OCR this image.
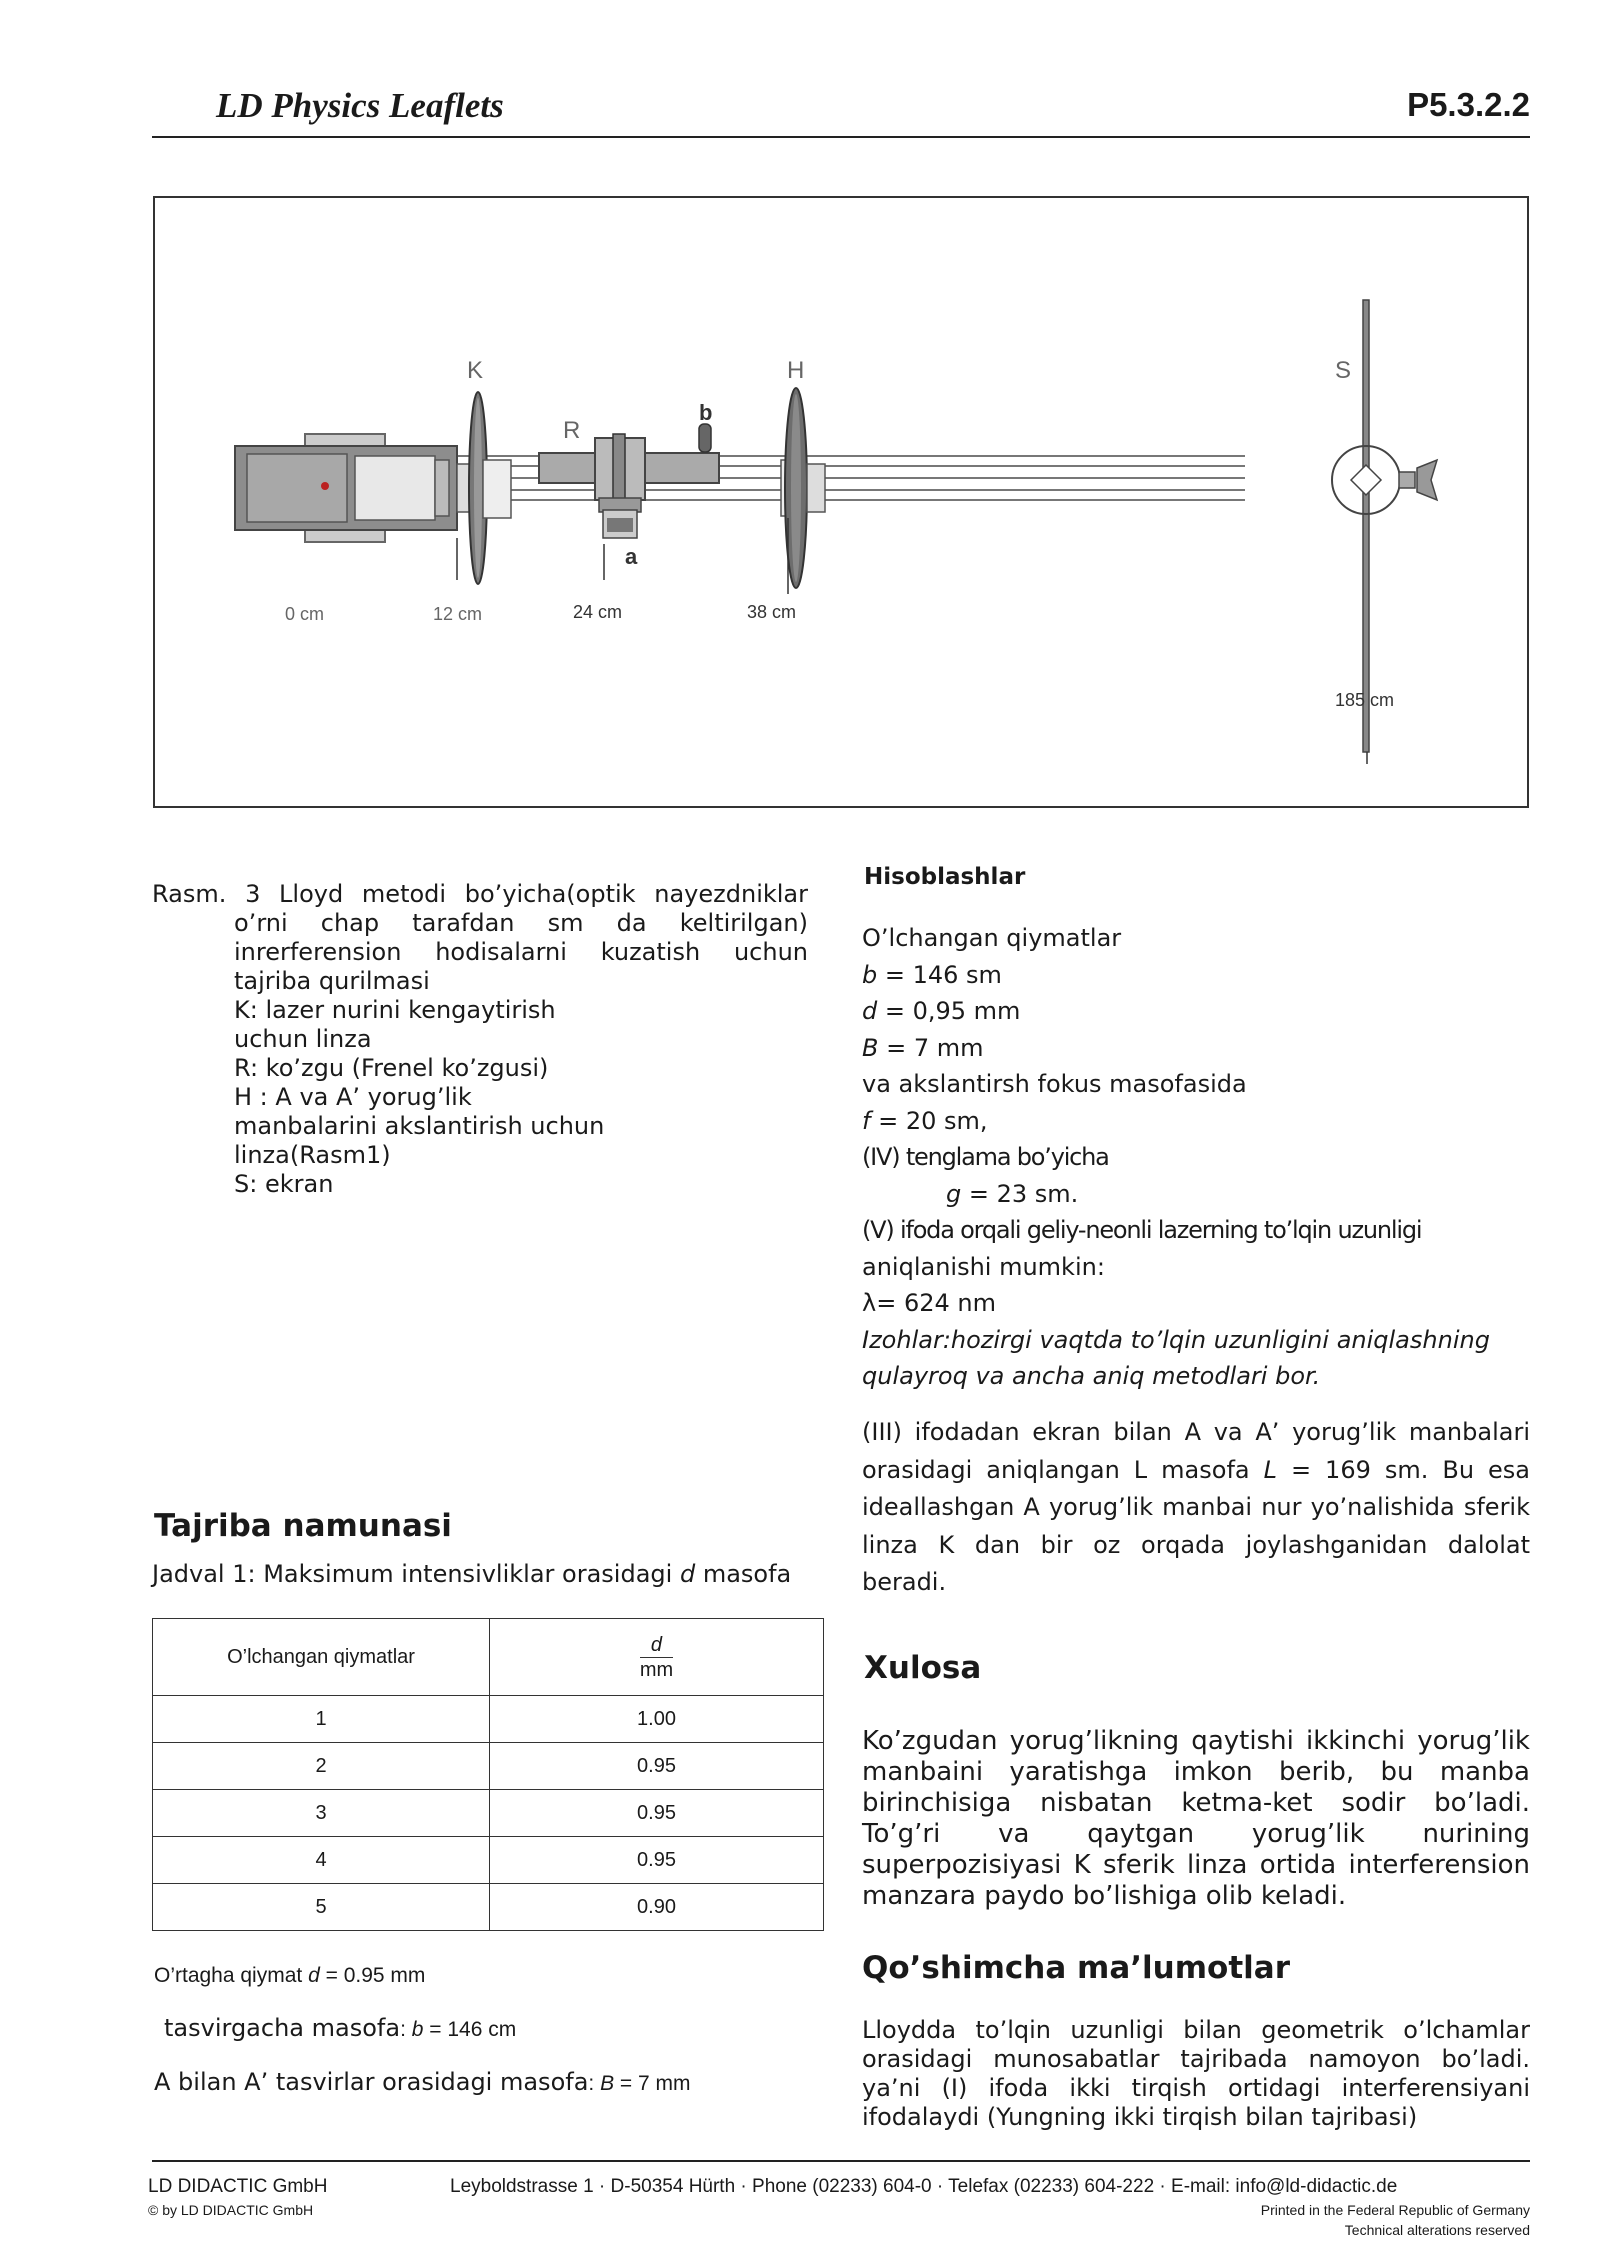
LD Physics Leaflets	P5.3.2.2
K
R
b
H	S
a
0 cm	12 cm	24 cm	38 cm
185 cm
Rasm. 3 Lloyd metodi bo’yicha(optik nayezdniklar
o’rni chap tarafdan sm da keltirilgan)
inrerferension hodisalarni kuzatish uchun
tajriba qurilmasi
K: lazer nurini kengaytirish
uchun linza
R: ko’zgu (Frenel ko’zgusi)
H : A va A’ yorug’lik
manbalarini akslantirish uchun
linza(Rasm1)
S: ekran
Tajriba namunasi
Jadval 1: Maksimum intensivliklar orasidagi d masofa
O’lchangan qiymatlar	$\frac{d}{mm}$

1	1.00
2	0.95
3	0.95
4	0.95
5	0.90
O’rtagha qiymat d = 0.95 mm
tasvirgacha masofa: b = 146 cm
A bilan A’ tasvirlar orasidagi masofa: B = 7 mm
Hisoblashlar
O’lchangan qiymatlar
b = 146 sm
d = 0,95 mm
B = 7 mm
va akslantirsh fokus masofasida
f = 20 sm,
(IV) tenglama bo’yicha
g = 23 sm.
(V) ifoda orqali geliy-neonli lazerning to’lqin uzunligi
aniqlanishi mumkin:
λ= 624 nm
Izohlar:hozirgi vaqtda to’lqin uzunligini aniqlashning
qulayroq va ancha aniq metodlari bor.
(III) ifodadan ekran bilan A va A’ yorug’lik manbalari orasidagi aniqlangan L masofa L = 169 sm. Bu esa ideallashgan A yorug’lik manbai nur yo’nalishida sferik linza K dan bir oz orqada joylashganidan dalolat beradi.
Xulosa
Ko’zgudan yorug’likning qaytishi ikkinchi yorug’lik manbaini yaratishga imkon berib, bu manba birinchisiga nisbatan ketma-ket sodir bo’ladi. To’g’ri va qaytgan yorug’lik nurining superpozisiyasi K sferik linza ortida interferension manzara paydo bo’lishiga olib keladi.
Qo’shimcha ma’lumotlar
Lloydda to’lqin uzunligi bilan geometrik o’lchamlar orasidagi munosabatlar tajribada namoyon bo’ladi. ya’ni (I) ifoda ikki tirqish ortidagi interferensiyani ifodalaydi (Yungning ikki tirqish bilan tajribasi)
LD DIDACTIC GmbH
© by LD DIDACTIC GmbH
Leyboldstrasse 1 · D-50354 Hürth · Phone (02233) 604-0 · Telefax (02233) 604-222 · E-mail: info@ld-didactic.de
Printed in the Federal Republic of Germany
Technical alterations reserved
